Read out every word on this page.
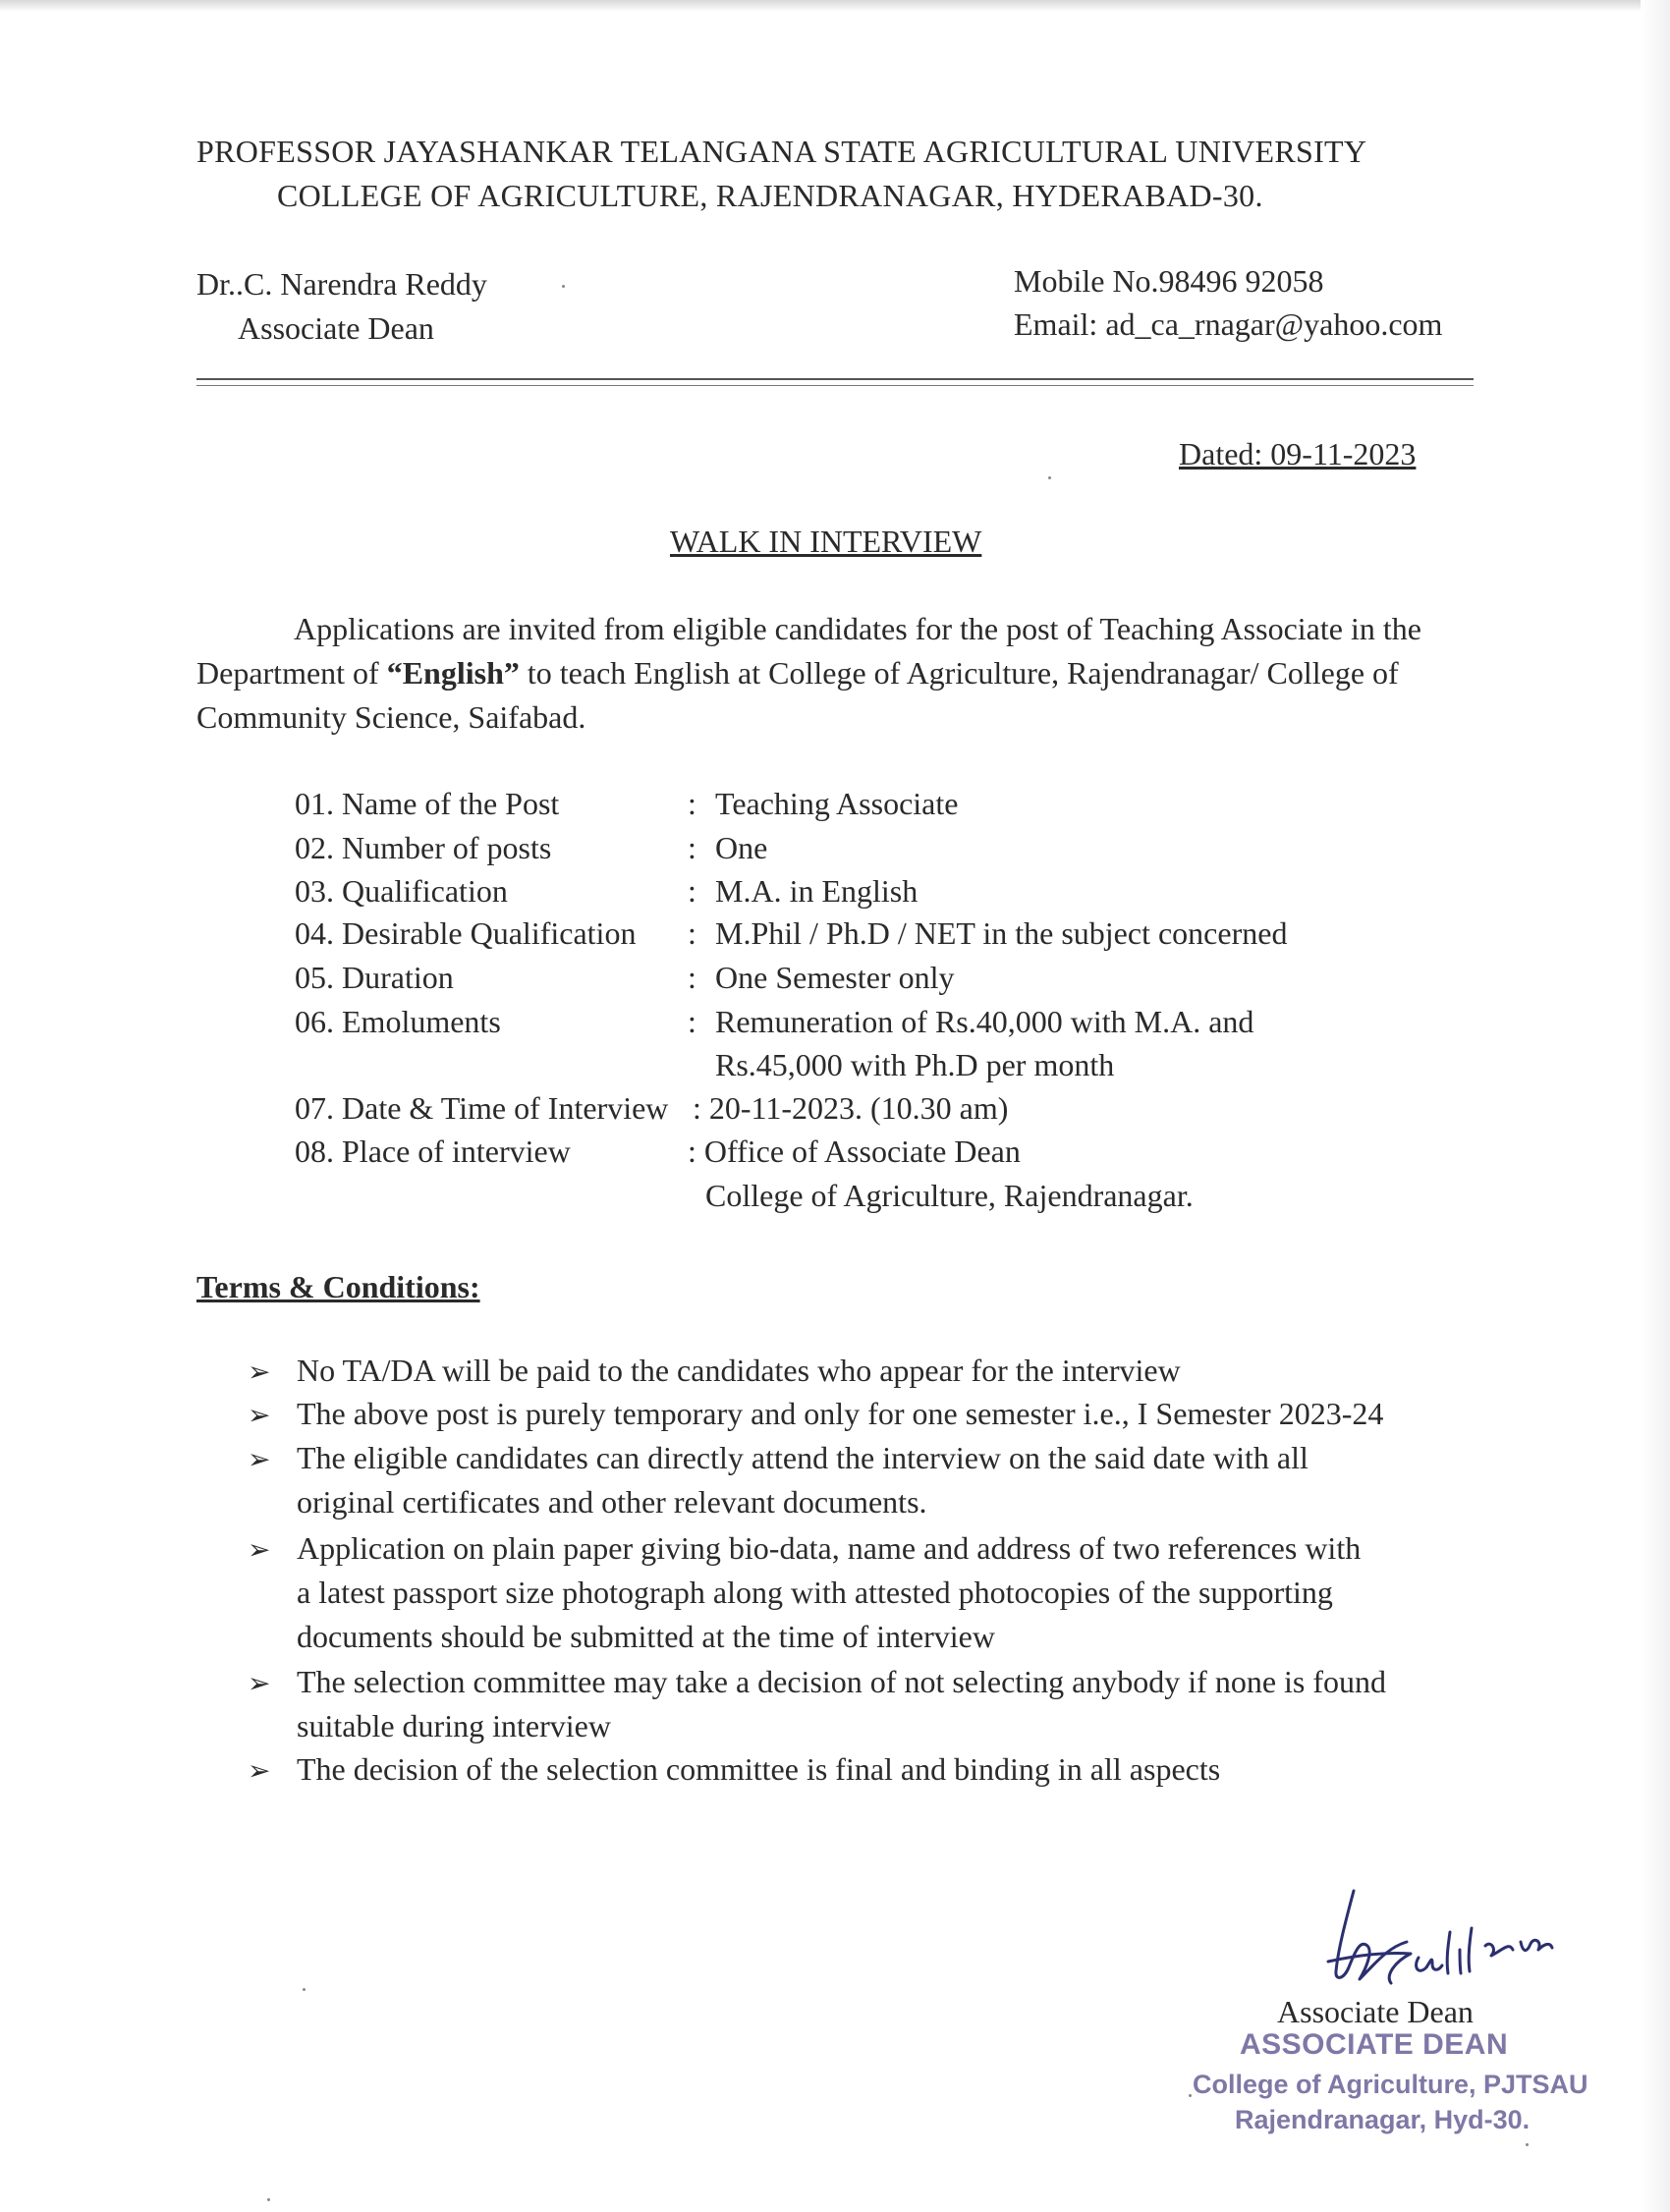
PROFESSOR JAYASHANKAR TELANGANA STATE AGRICULTURAL UNIVERSITY
COLLEGE OF AGRICULTURE, RAJENDRANAGAR, HYDERABAD-30.
Dr..C. Narendra Reddy
Associate Dean
Mobile No.98496 92058
Email: ad_ca_rnagar@yahoo.com
Dated: 09-11-2023
WALK IN INTERVIEW
Applications are invited from eligible candidates for the post of Teaching Associate in the Department of “English” to teach English at College of Agriculture, Rajendranagar/ College of Community Science, Saifabad.
01. Name of the Post	: Teaching Associate
02. Number of posts	: One
03. Qualification	: M.A. in English
04. Desirable Qualification : M.Phil / Ph.D / NET in the subject concerned
05. Duration	: One Semester only
06. Emoluments	: Remuneration of Rs.40,000 with M.A. and
Rs.45,000 with Ph.D per month
07. Date & Time of Interview : 20-11-2023. (10.30 am)
08. Place of interview	: Office of Associate Dean
College of Agriculture, Rajendranagar.
Terms & Conditions:
➢ No TA/DA will be paid to the candidates who appear for the interview
➢ The above post is purely temporary and only for one semester i.e., I Semester 2023-24
➢ The eligible candidates can directly attend the interview on the said date with all
original certificates and other relevant documents.
➢ Application on plain paper giving bio-data, name and address of two references with
a latest passport size photograph along with attested photocopies of the supporting
documents should be submitted at the time of interview
➢ The selection committee may take a decision of not selecting anybody if none is found
suitable during interview
➢ The decision of the selection committee is final and binding in all aspects
Associate Dean
ASSOCIATE DEAN
College of Agriculture, PJTSAU
Rajendranagar, Hyd-30.
